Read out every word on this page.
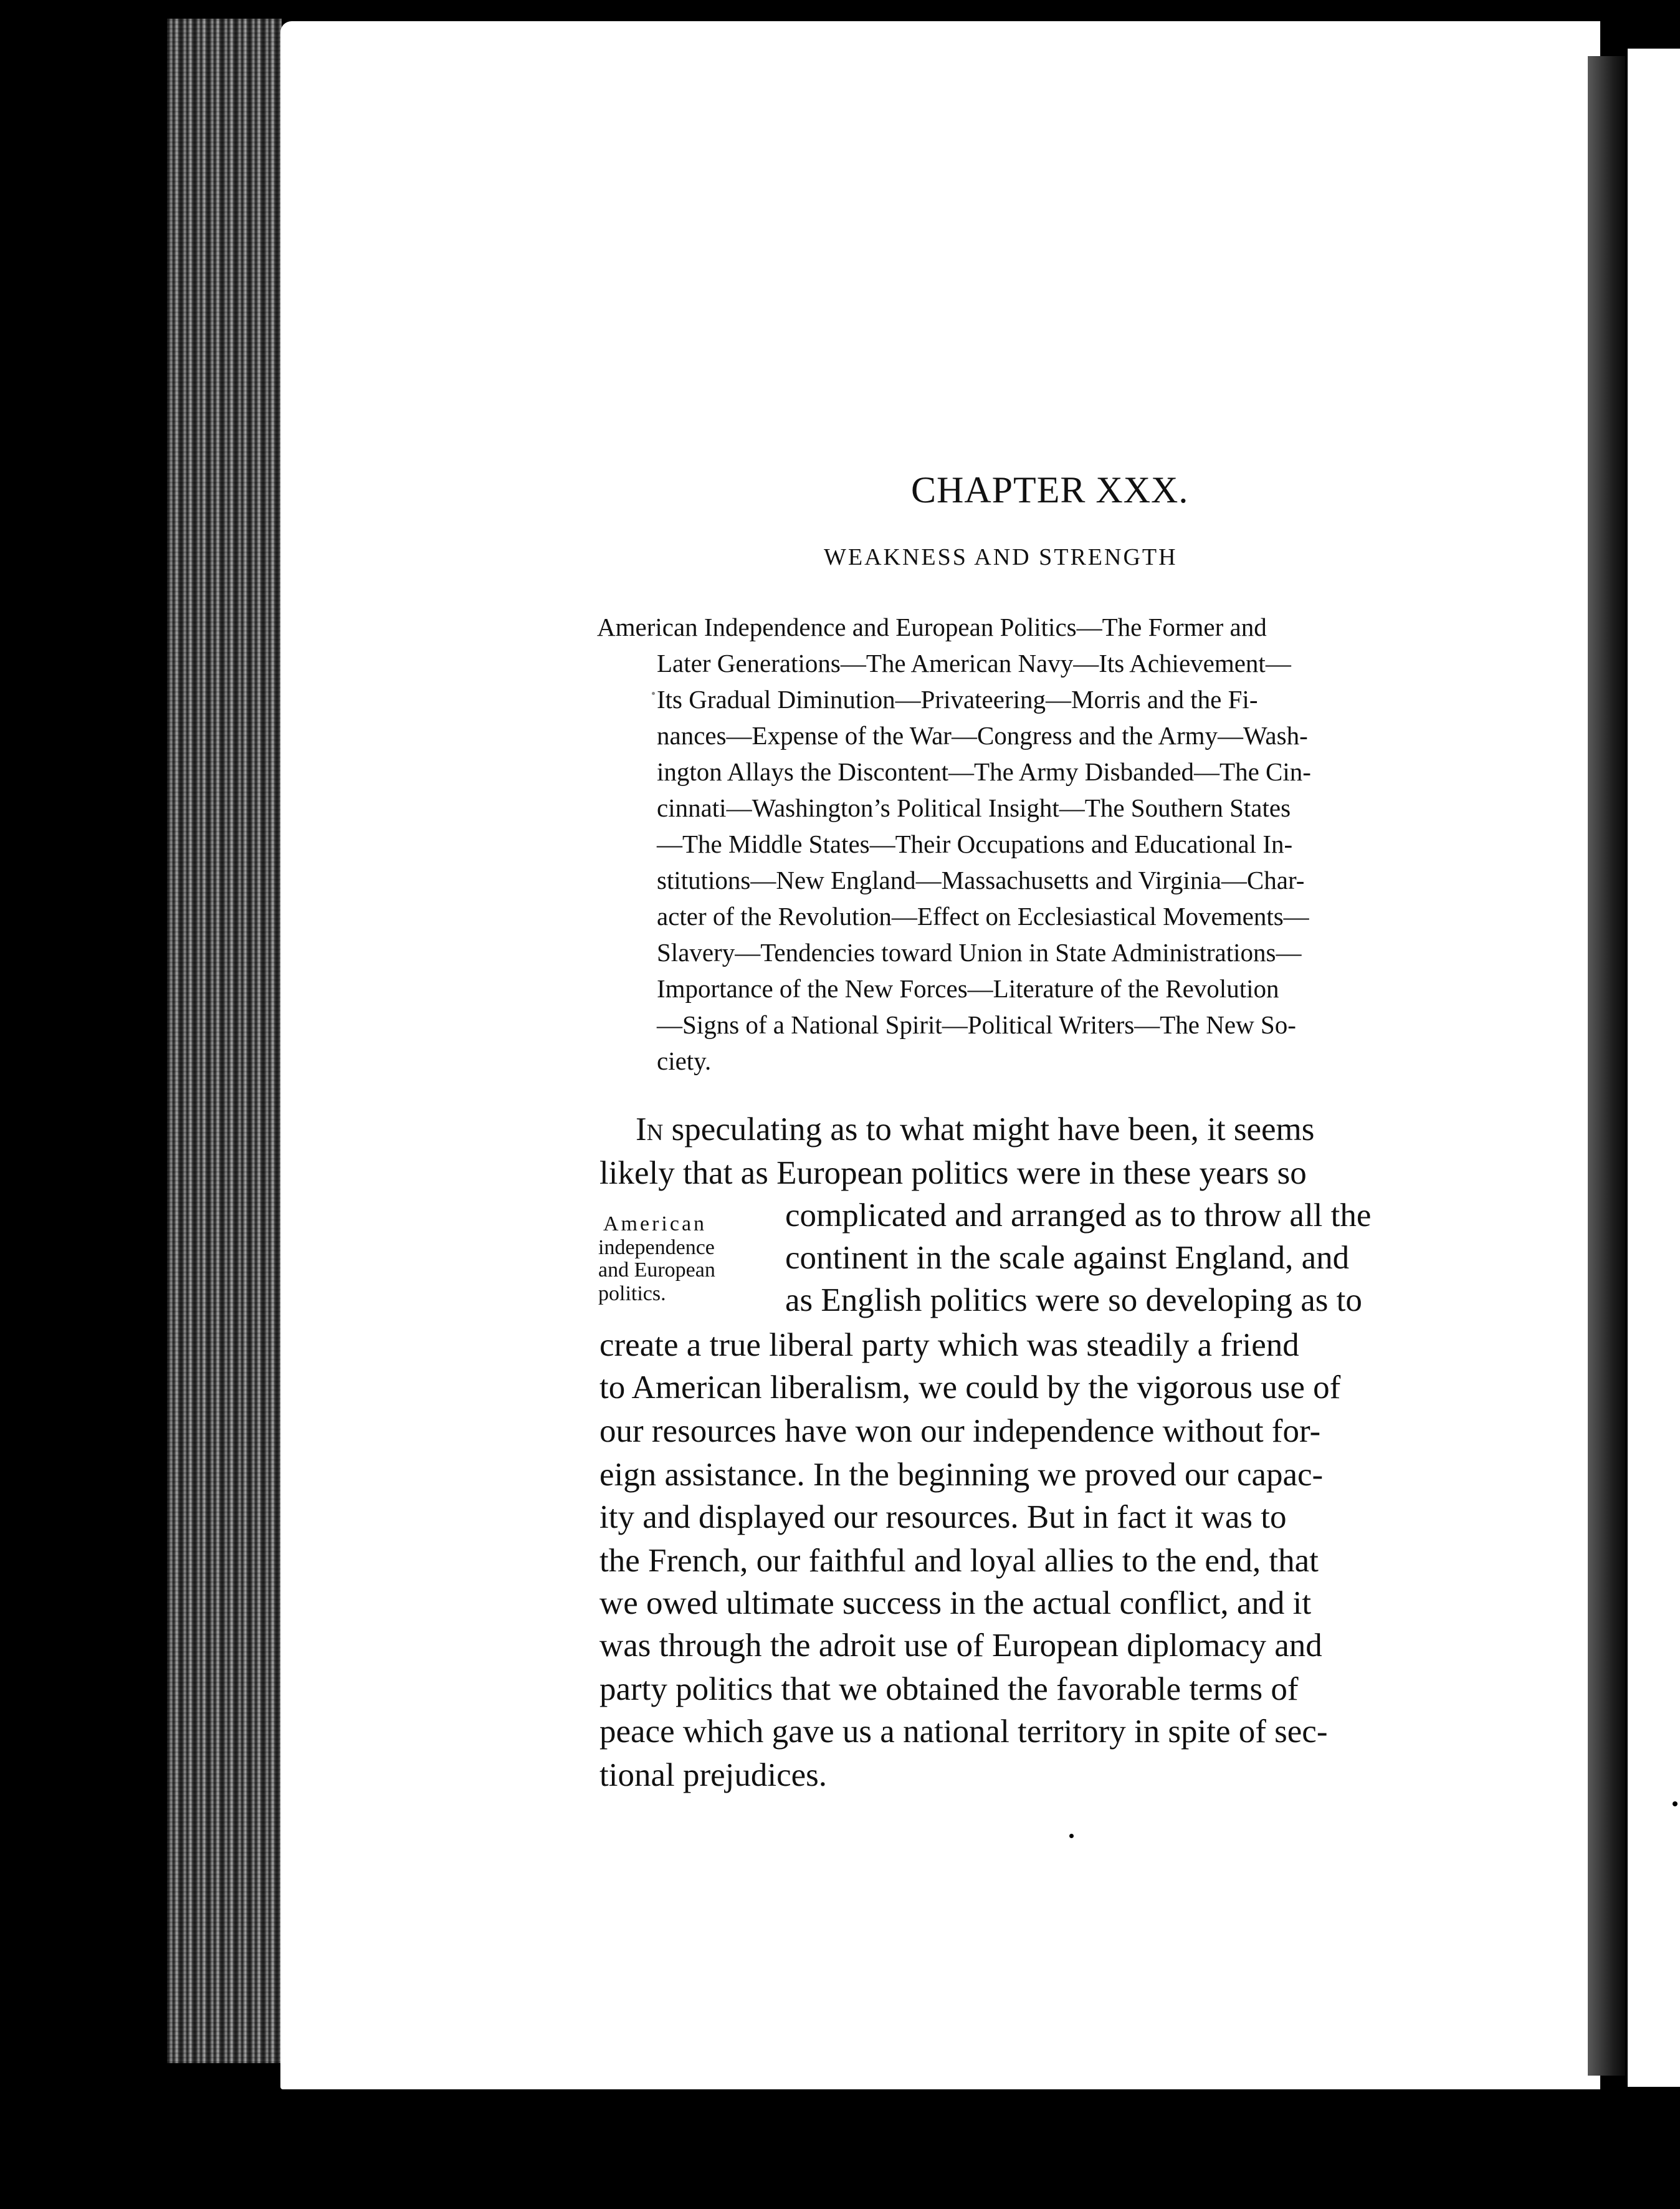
CHAPTER XXX.
WEAKNESS AND STRENGTH
American Independence and European Politics—The Former and
Later Generations—The American Navy—Its Achievement—
Its Gradual Diminution—Privateering—Morris and the Fi-
nances—Expense of the War—Congress and the Army—Wash-
ington Allays the Discontent—The Army Disbanded—The Cin-
cinnati—Washington’s Political Insight—The Southern States
—The Middle States—Their Occupations and Educational In-
stitutions—New England—Massachusetts and Virginia—Char-
acter of the Revolution—Effect on Ecclesiastical Movements—
Slavery—Tendencies toward Union in State Administrations—
Importance of the New Forces—Literature of the Revolution
—Signs of a National Spirit—Political Writers—The New So-
ciety.
American
independence
and European
politics.
In speculating as to what might have been, it seems
likely that as European politics were in these years so
complicated and arranged as to throw all the
continent in the scale against England, and
as English politics were so developing as to
create a true liberal party which was steadily a friend
to American liberalism, we could by the vigorous use of
our resources have won our independence without for-
eign assistance. In the beginning we proved our capac-
ity and displayed our resources. But in fact it was to
the French, our faithful and loyal allies to the end, that
we owed ultimate success in the actual conflict, and it
was through the adroit use of European diplomacy and
party politics that we obtained the favorable terms of
peace which gave us a national territory in spite of sec-
tional prejudices.
